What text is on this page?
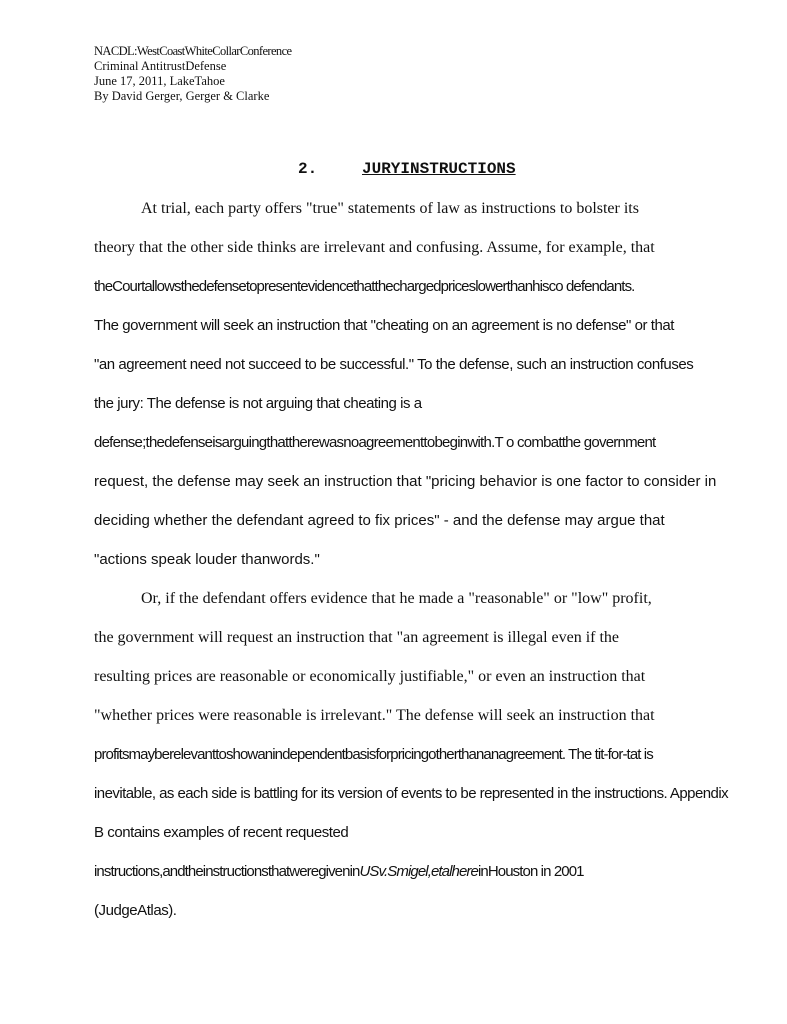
NACDL:WestCoastWhiteCollarConference
Criminal AntitrustDefense
June 17, 2011, LakeTahoe
By David Gerger, Gerger & Clarke
2.	JURYINSTRUCTIONS
At trial, each party offers "true" statements of law as instructions to bolster its
theory that the other side thinks are irrelevant and confusing. Assume, for example, that
theCourtallowsthedefensetopresentevidencethatthechargedpriceslowerthanhisco defendants.
The government will seek an instruction that "cheating on an agreement is no defense" or that
"an agreement need not succeed to be successful." To the defense, such an instruction confuses
the jury: The defense is not arguing that cheating is a
defense;thedefenseisarguingthattherewasnoagreementtobeginwith.T o combatthe government
request, the defense may seek an instruction that "pricing behavior is one factor to consider in
deciding whether the defendant agreed to fix prices" - and the defense may argue that
"actions speak louder thanwords."
Or, if the defendant offers evidence that he made a "reasonable" or "low" profit,
the government will request an instruction that "an agreement is illegal even if the
resulting prices are reasonable or economically justifiable," or even an instruction that
"whether prices were reasonable is irrelevant." The defense will seek an instruction that
profitsmayberelevanttoshowanindependentbasisforpricingotherthananagreement. The tit-for-tat is
inevitable, as each side is battling for its version of events to be represented in the instructions. Appendix
B contains examples of recent requested
instructions,andtheinstructionsthatweregiveninUSv.Smigel,etalhereinHouston in 2001
(JudgeAtlas).
